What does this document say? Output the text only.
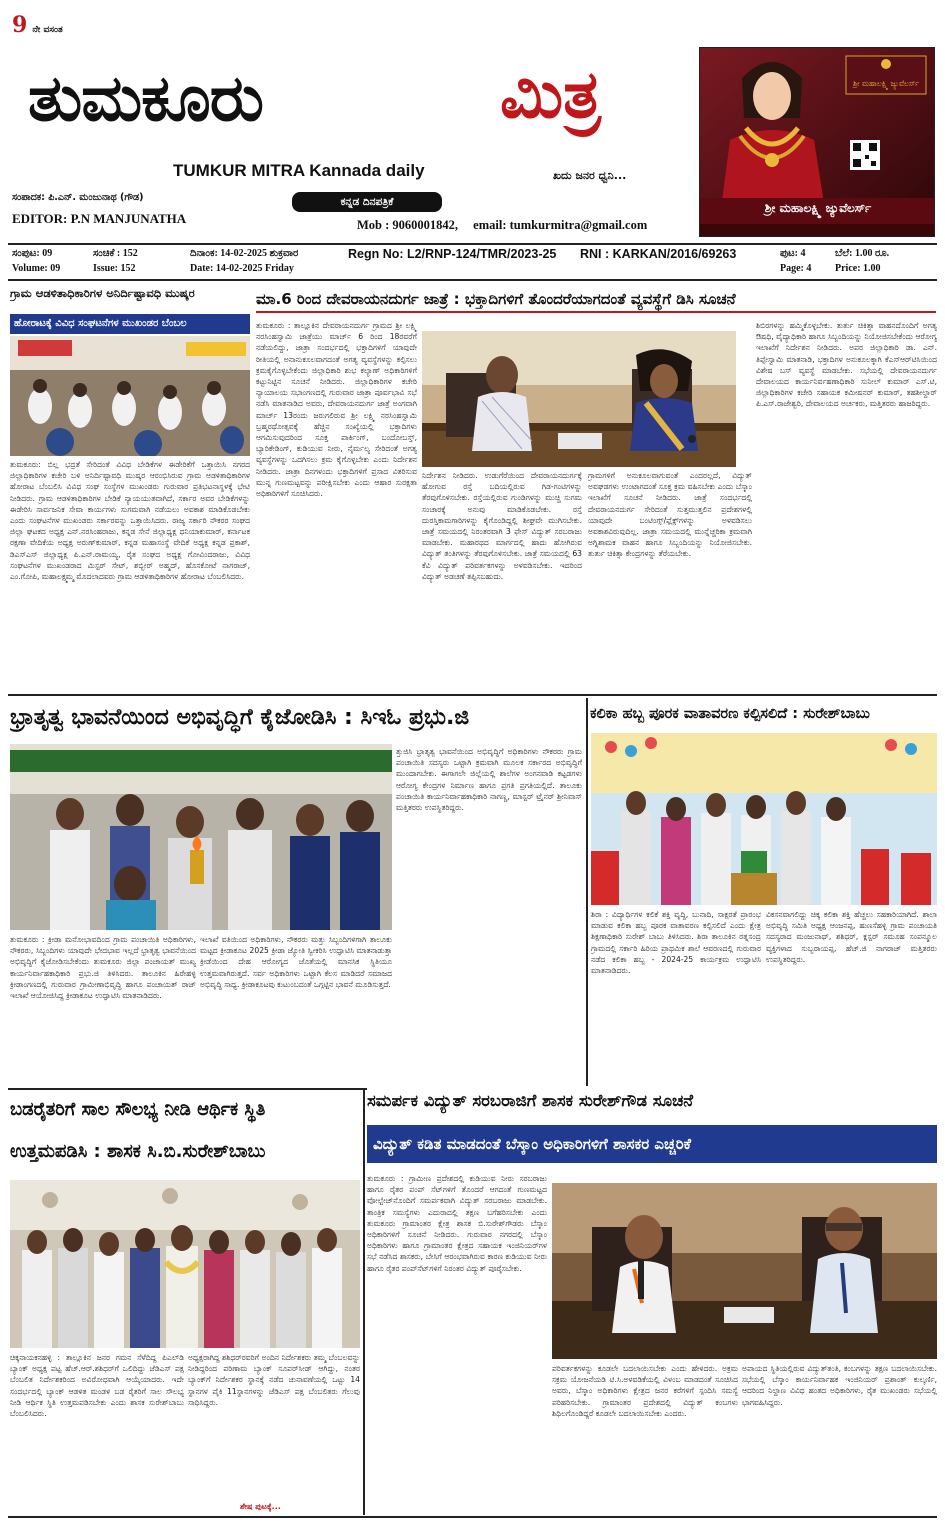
9 ನೇ ವಸಂತ
ತುಮಕೂರು	ಮಿತ್ರ
TUMKUR MITRA Kannada daily	ಖದು ಜನರ ಧ್ವನಿ...
ಸಂಪಾದಕ: ಪಿ.ಎನ್. ಮಂಜುನಾಥ (ಗೌಡ)
EDITOR: P.N MANJUNATHA
ಕನ್ನಡ ದಿನಪತ್ರಿಕೆ
Mob : 9060001842, email: tumkurmitra@gmail.com
ಶ್ರೀ ಮಹಾಲಕ್ಷ್ಮಿ ಜ್ಯುವೆಲರ್ಸ್
ಶ್ರೀ ಮಹಾಲಕ್ಷ್ಮಿ ಜ್ಯುವೆಲರ್ಸ್
ಸಂಪುಟ: 09	ಸಂಚಿಕೆ : 152	ದಿನಾಂಕ: 14-02-2025 ಶುಕ್ರವಾರ	Regn No: L2/RNP-124/TMR/2023-25 RNI : KARKAN/2016/69263	ಪುಟ: 4	ಬೆಲೆ: 1.00 ರೂ.
Volume: 09	Issue: 152	Date: 14-02-2025 Friday	Page: 4 Price: 1.00
ಗ್ರಾಮ ಆಡಳಿತಾಧಿಕಾರಿಗಳ ಅನಿರ್ದಿಷ್ಟಾವಧಿ ಮುಷ್ಕರ
ಹೋರಾಟಕ್ಕೆ ವಿವಿಧ ಸಂಘಟನೆಗಳ ಮುಖಂಡರ ಬೆಂಬಲ
ತುಮಕೂರು: ಬಿಲ್ಲ ಭದ್ರತೆ ಸೇರಿದಂತೆ ವಿವಿಧ ಬೇಡಿಕೆಗಳ ಈಡೇರಿಕೆಗೆ ಒತ್ತಾಯಿಸಿ ನಗರದ ಜಿಲ್ಲಾಧಿಕಾರಿಗಳ ಕಚೇರಿ ಬಳಿ ಅನಿರ್ದಿಷ್ಟಾವಧಿ ಮುಷ್ಕರ ಆರಂಭಿಸಿರುವ ಗ್ರಾಮ ಆಡಳಿತಾಧಿಕಾರಿಗಳ ಹೋರಾಟ ಬೆಂಬಲಿಸಿ ವಿವಿಧ ಸಂಘ ಸಂಸ್ಥೆಗಳ ಮುಖಂಡರು ಗುರುವಾರ ಪ್ರತಿಭಟನಾಸ್ಥಳಕ್ಕೆ ಭೇಟಿ ನೀಡಿದರು. ಗ್ರಾಮ ಆಡಳಿತಾಧಿಕಾರಿಗಳ ಬೇಡಿಕೆ ನ್ಯಾಯಯುತವಾಗಿದೆ, ಸರ್ಕಾರ ಅವರ ಬೇಡಿಕೆಗಳನ್ನು ಈಡೇರಿಸಿ ಸಾರ್ವಜನಿಕ ಸೇವಾ ಕಾರ್ಯಗಳು ಸುಗಮವಾಗಿ ನಡೆಯಲು ಅವಕಾಶ ಮಾಡಿಕೊಡಬೇಕು ಎಂದು ಸಂಘಟನೆಗಳ ಮುಖಂಡರು ಸರ್ಕಾರವನ್ನು ಒತ್ತಾಯಿಸಿದರು. ರಾಜ್ಯ ಸರ್ಕಾರಿ ನೌಕರರ ಸಂಘದ ಜಿಲ್ಲಾ ಘಟಕದ ಅಧ್ಯಕ್ಷ ಎನ್.ನರಸಿಂಹರಾಜು, ಕನ್ನಡ ಸೇನೆ ಜಿಲ್ಲಾಧ್ಯಕ್ಷ ಧನಿಯಾಕುಮಾರ್, ಕರ್ನಾಟಕ ರಕ್ಷಣಾ ವೇದಿಕೆಯ ಅಧ್ಯಕ್ಷ ಅರುಣ್‌ಕುಮಾರ್, ಕನ್ನಡ ಮಹಾಸಂಸ್ಥೆ ವೇದಿಕೆ ಅಧ್ಯಕ್ಷ ಕನ್ನಡ ಪ್ರಕಾಶ್, ಡಿಎಸ್‌ಎಸ್ ಜಿಲ್ಲಾಧ್ಯಕ್ಷ ಪಿ.ಎನ್.ರಾಮಯ್ಯ, ರೈತ ಸಂಘದ ಅಧ್ಯಕ್ಷ ಗೋವಿಂದರಾಜು, ವಿವಿಧ ಸಂಘಟನೆಗಳ ಮುಖಂಡರಾದ ಮಿಸ್ಟರ್ ಸೇಟ್, ಶಬ್ಬೀರ್ ಅಹ್ಮದ್, ಹೊಸಕೋಟೆ ನಾಗರಾಜ್, ಎಂ.ಗೋಪಿ, ಮಹಾಲಕ್ಷ್ಮಮ್ಮ ಮೊದಲಾದವರು ಗ್ರಾಮ ಆಡಳಿತಾಧಿಕಾರಿಗಳ ಹೋರಾಟ ಬೆಂಬಲಿಸಿದರು.
ಮಾ.6 ರಿಂದ ದೇವರಾಯನದುರ್ಗ ಜಾತ್ರೆ : ಭಕ್ತಾದಿಗಳಿಗೆ ತೊಂದರೆಯಾಗದಂತೆ ವ್ಯವಸ್ಥೆಗೆ ಡಿಸಿ ಸೂಚನೆ
ತುಮಕೂರು : ತಾಲ್ಲೂಕಿನ ದೇವರಾಯನದುರ್ಗ ಗ್ರಾಮದ ಶ್ರೀ ಲಕ್ಷ್ಮಿ ನರಸಿಂಹಸ್ವಾಮಿ ಜಾತ್ರೆಯು ಮಾರ್ಚ್ 6 ರಿಂದ 18ರವರೆಗೆ ನಡೆಯಲಿದ್ದು, ಜಾತ್ರಾ ಸಂದರ್ಭದಲ್ಲಿ ಭಕ್ತಾದಿಗಳಿಗೆ ಯಾವುದೇ ರೀತಿಯಲ್ಲಿ ಅನಾನುಕೂಲವಾಗದಂತೆ ಅಗತ್ಯ ವ್ಯವಸ್ಥೆಗಳನ್ನು ಕಲ್ಪಿಸಲು ಕ್ರಮಕೈಗೊಳ್ಳಬೇಕೆಂದು ಜಿಲ್ಲಾಧಿಕಾರಿ ಶುಭ ಕಲ್ಯಾಣ್ ಅಧಿಕಾರಿಗಳಿಗೆ ಕಟ್ಟುನಿಟ್ಟಿನ ಸೂಚನೆ ನೀಡಿದರು. ಜಿಲ್ಲಾಧಿಕಾರಿಗಳ ಕಚೇರಿ ನ್ಯಾಯಾಲಯ ಸಭಾಂಗಣದಲ್ಲಿ ಗುರುವಾರ ಜಾತ್ರಾ ಪೂರ್ವಭಾವಿ ಸಭೆ ನಡೆಸಿ ಮಾತನಾಡಿದ ಅವರು, ದೇವರಾಯನದುರ್ಗ ಜಾತ್ರೆ ಅಂಗವಾಗಿ ಮಾರ್ಚ್ 13ರಂದು ಜರುಗಲಿರುವ ಶ್ರೀ ಲಕ್ಷ್ಮಿ ನರಸಿಂಹಸ್ವಾಮಿ ಬ್ರಹ್ಮರಥೋತ್ಸವಕ್ಕೆ ಹೆಚ್ಚಿನ ಸಂಖ್ಯೆಯಲ್ಲಿ ಭಕ್ತಾದಿಗಳು ಆಗಮಿಸುವುದರಿಂದ ಸೂಕ್ತ ಪಾರ್ಕಿಂಗ್, ಬಂದೋಬಸ್ತ್, ಬ್ಯಾರಿಕೇಡಿಂಗ್, ಕುಡಿಯುವ ನೀರು, ನೈರ್ಮಲ್ಯ ಸೇರಿದಂತೆ ಅಗತ್ಯ ವ್ಯವಸ್ಥೆಗಳನ್ನು ಒದಗಿಸಲು ಕ್ರಮ ಕೈಗೊಳ್ಳಬೇಕು ಎಂದು ನಿರ್ದೇಶನ ನೀಡಿದರು. ಜಾತ್ರಾ ದಿನಗಳಂದು ಭಕ್ತಾದಿಗಳಿಗೆ ಪ್ರಸಾದ ವಿತರಿಸುವ ಮುನ್ನ ಗುಣಮಟ್ಟವನ್ನು ಪರೀಕ್ಷಿಸಬೇಕು ಎಂದು ಆಹಾರ ಸುರಕ್ಷತಾ ಅಧಿಕಾರಿಗಳಿಗೆ ಸೂಚಿಸಿದರು.
ನಿರ್ದೇಶನ ನೀಡಿದರು. ಉಡುಗೆರೆಯಿಂದ ದೇವರಾಯನದುರ್ಗಕ್ಕೆ ಹೋಗುವ ರಸ್ತೆ ಬದಿಯಲ್ಲಿರುವ ಗಿಡ-ಗಂಟಿಗಳನ್ನು ತೆರವುಗೊಳಿಸಬೇಕು. ರಸ್ತೆಯಲ್ಲಿರುವ ಗುಂಡಿಗಳನ್ನು ಮುಚ್ಚಿ ಸುಗಮ ಸಂಚಾರಕ್ಕೆ ಅನುವು ಮಾಡಿಕೊಡಬೇಕು. ರಸ್ತೆ ದುರಸ್ತಿಕಾಮಗಾರಿಗಳನ್ನು ಕೈಗೊಂಡಿದ್ದಲ್ಲಿ ಶೀಘ್ರವೇ ಮುಗಿಸಬೇಕು. ಜಾತ್ರೆ ಸಮಯದಲ್ಲಿ ನಿರಂತರವಾಗಿ 3 ಫೇಸ್ ವಿದ್ಯುತ್ ಸರಬರಾಜು ಮಾಡಬೇಕು. ಮಹಾರಥದ ಮಾರ್ಗದಲ್ಲಿ ಹಾದು ಹೋಗಿರುವ ವಿದ್ಯುತ್ ತಂತಿಗಳನ್ನು ತೆರವುಗೊಳಿಸಬೇಕು. ಜಾತ್ರೆ ಸಮಯದಲ್ಲಿ 63 ಕೆವಿ ವಿದ್ಯುತ್ ಪರಿವರ್ತಕಗಳನ್ನು ಅಳವಡಿಸಬೇಕು. ಇದರಿಂದ ವಿದ್ಯುತ್ ಅಡಚಣೆ ತಪ್ಪಿಸಬಹುದು.
ಗ್ರಾಮಗಳಿಗೆ ಅನುಕೂಲವಾಗುವಂತೆ ಎಂದರಲ್ಲದೆ, ವಿದ್ಯುತ್ ಅವಘಡಗಳು ಉಂಟಾಗದಂತೆ ಸೂಕ್ತ ಕ್ರಮ ವಹಿಸಬೇಕು ಎಂದು ಬೆಸ್ಕಾಂ ಇಲಾಖೆಗೆ ಸೂಚನೆ ನೀಡಿದರು. ಜಾತ್ರೆ ಸಂದರ್ಭದಲ್ಲಿ ದೇವರಾಯನದುರ್ಗ ಸೇರಿದಂತೆ ಸುತ್ತಮುತ್ತಲಿನ ಪ್ರದೇಶಗಳಲ್ಲಿ ಯಾವುದೇ ಬಂಟಿಂಗ್ಸ್/ಫ್ಲೆಕ್ಸ್‌ಗಳನ್ನು ಅಳವಡಿಸಲು ಅವಕಾಶವಿರುವುದಿಲ್ಲ. ಜಾತ್ರಾ ಸಮಯದಲ್ಲಿ ಮುನ್ನೆಚ್ಚರಿಕಾ ಕ್ರಮವಾಗಿ ಅಗ್ನಿಶಾಮಕ ವಾಹನ ಹಾಗೂ ಸಿಬ್ಬಂದಿಯನ್ನು ನಿಯೋಜಿಸಬೇಕು. ತುರ್ತು ಚಿಕಿತ್ಸಾ ಕೇಂದ್ರಗಳನ್ನು ತೆರೆಯಬೇಕು.
ಶಿಬಿರಗಳನ್ನು ಹಮ್ಮಿಕೊಳ್ಳಬೇಕು. ತುರ್ತು ಚಿಕಿತ್ಸಾ ವಾಹನದೊಂದಿಗೆ ಅಗತ್ಯ ಔಷಧಿ, ವೈದ್ಯಾಧಿಕಾರಿ ಹಾಗೂ ಸಿಬ್ಬಂದಿಯನ್ನು ನಿಯೋಜಿಸಬೇಕೆಂದು ಆರೋಗ್ಯ ಇಲಾಖೆಗೆ ನಿರ್ದೇಶನ ನೀಡಿದರು. ಅಪರ ಜಿಲ್ಲಾಧಿಕಾರಿ ಡಾ. ಎನ್. ತಿಪ್ಪೇಸ್ವಾಮಿ ಮಾತನಾಡಿ, ಭಕ್ತಾದಿಗಳ ಅನುಕೂಲಕ್ಕಾಗಿ ಕೆಎಸ್‌ಆರ್‌ಟಿಸಿಯಿಂದ ವಿಶೇಷ ಬಸ್ ವ್ಯವಸ್ಥೆ ಮಾಡಬೇಕು. ಸಭೆಯಲ್ಲಿ ದೇವರಾಯನದುರ್ಗ ದೇವಾಲಯದ ಕಾರ್ಯನಿರ್ವಹಣಾಧಿಕಾರಿ ಸುನೀಲ್ ಕುಮಾರ್ ಎಸ್.ಟಿ, ಜಿಲ್ಲಾಧಿಕಾರಿಗಳ ಕಚೇರಿ ಸಹಾಯಕ ಕಮೀಷನರ್ ಕುಮಾರ್, ತಹಶೀಲ್ದಾರ್ ಪಿ.ಎಸ್.ರಾಜೇಶ್ವರಿ, ದೇವಾಲಯದ ಅರ್ಚಕರು, ಮತ್ತಿತರರು ಹಾಜರಿದ್ದರು.
ಭ್ರಾತೃತ್ವ ಭಾವನೆಯಿಂದ ಅಭಿವೃದ್ಧಿಗೆ ಕೈಜೋಡಿಸಿ : ಸಿಇಓ ಪ್ರಭು.ಜಿ
ತುಮಕೂರು : ಕ್ರೀಡಾ ಮನೋಭಾವದಿಂದ ಗ್ರಾಮ ಪಂಚಾಯಿತಿ ಅಧಿಕಾರಿಗಳು, ನೌಕರರು, ಸಿಬ್ಬಂದಿಗಳು ಯಾವುದೇ ಭೇದಭಾವ ಇಲ್ಲದೆ ಭ್ರಾತೃತ್ವ ಭಾವನೆಯಿಂದ ಅಭಿವೃದ್ಧಿಗೆ ಕೈಜೋಡಿಸಬೇಕೆಂದು ತುಮಕೂರು ಜಿಲ್ಲಾ ಪಂಚಾಯತ್ ಮುಖ್ಯ ಕಾರ್ಯನಿರ್ವಾಹಕಾಧಿಕಾರಿ ಪ್ರಭು.ಜಿ ತಿಳಿಸಿದರು. ತಾಲೂಕಿನ ಹಿರೇಹಳ್ಳಿ ಕ್ರೀಡಾಂಗಣದಲ್ಲಿ ಗುರುವಾರ ಗ್ರಾಮೀಣಾಭಿವೃದ್ಧಿ ಹಾಗೂ ಪಂಚಾಯತ್ ರಾಜ್ ಇಲಾಖೆ ಆಯೋಜಿಸಿದ್ದ ಕ್ರೀಡಾಕೂಟ ಉದ್ಘಾಟಿಸಿ ಮಾತನಾಡಿದರು.
ಇಲಾಖೆ ವತಿಯಿಂದ ಅಧಿಕಾರಿಗಳು, ನೌಕರರು ಮತ್ತು ಸಿಬ್ಬಂದಿಗಳಿಗಾಗಿ ತಾಲೂಕು ಮಟ್ಟದ ಕ್ರೀಡಾಕೂಟ 2025 ಕ್ರೀಡಾ ಜ್ಯೋತಿ ಸ್ವೀಕರಿಸಿ ಉದ್ಘಾಟಿಸಿ ಮಾತನಾಡುತ್ತಾ ಕ್ರೀಡೆಯಿಂದ ದೇಹ ಆರೋಗ್ಯದ ಜೊತೆಯಲ್ಲಿ ಮಾನಸಿಕ ಸ್ಥಿತಿಯೂ ಉತ್ತಮವಾಗಿರುತ್ತದೆ. ಸರ್ವ ಅಧಿಕಾರಿಗಳು ಒಟ್ಟಾಗಿ ಕೆಲಸ ಮಾಡಿದರೆ ಸಮಾಜದ ಅಭಿವೃದ್ಧಿ ಸಾಧ್ಯ. ಕ್ರೀಡಾಕೂಟವು ಕುಟುಂಬದಂತೆ ಒಗ್ಗಟ್ಟಿನ ಭಾವನೆ ಮೂಡಿಸುತ್ತದೆ.
ತ್ತುಜಿಸಿ ಭ್ರಾತೃತ್ವ ಭಾವನೆಯಿಂದ ಅಭಿವೃದ್ಧಿಗೆ ಅಧಿಕಾರಿಗಳು ನೌಕರರು ಗ್ರಾಮ ಪಂಚಾಯಿತಿ ಸದಸ್ಯರು ಒಟ್ಟಾಗಿ ಕ್ರಮವಾಗಿ ಮೂಲಕ ಸರ್ಕಾರದ ಅಭಿವೃದ್ಧಿಗೆ ಮುಂದಾಗಬೇಕು. ಈಗಾಗಲೇ ಜಿಲ್ಲೆಯಲ್ಲಿ ಶಾಲೆಗಳ ಅಂಗನವಾಡಿ ಕಟ್ಟಡಗಳು ಆರೋಗ್ಯ ಕೇಂದ್ರಗಳ ನಿರ್ಮಾಣ ಹಾಗೂ ಪ್ರಗತಿ ಪ್ರಗತಿಯಲ್ಲಿದೆ. ತಾಲೂಕು ಪಂಚಾಯಿತಿ ಕಾರ್ಯನಿರ್ವಾಹಕಾಧಿಕಾರಿ ನಾಗಣ್ಣ, ಮಾಸ್ಟರ್ ಟ್ರೈನರ್ ಶ್ರೀನಿವಾಸ್ ಮತ್ತಿತರರು ಉಪಸ್ಥಿತರಿದ್ದರು.
ಕಲಿಕಾ ಹಬ್ಬ ಪೂರಕ ವಾತಾವರಣ ಕಲ್ಪಿಸಲಿದೆ : ಸುರೇಶ್‌ಬಾಬು
ಶಿರಾ : ವಿದ್ಯಾರ್ಥಿಗಳ ಕಲಿಕೆ ಶಕ್ತಿ ವೃದ್ಧಿ, ಬುನಾದಿ, ಸಾಕ್ಷರತೆ ಪ್ರಾರಂಭ ಮಾಡುವ ಕಲಿಕಾ ಹಬ್ಬ ಪೂರಕ ವಾತಾವರಣ ಕಲ್ಪಿಸಲಿದೆ ಎಂದು ಕ್ಷೇತ್ರ ಶಿಕ್ಷಣಾಧಿಕಾರಿ ಸುರೇಶ್ ಬಾಬು ತಿಳಿಸಿದರು. ಶಿರಾ ತಾಲೂಕಿನ ರತ್ನಸಂದ್ರ ಗ್ರಾಮದಲ್ಲಿ ಸರ್ಕಾರಿ ಹಿರಿಯ ಪ್ರಾಥಮಿಕ ಶಾಲೆ ಆವರಣದಲ್ಲಿ ಗುರುವಾರ ನಡೆದ ಕಲಿಕಾ ಹಬ್ಬ - 2024-25 ಕಾರ್ಯಕ್ರಮ ಉದ್ಘಾಟಿಸಿ ಮಾತನಾಡಿದರು.
ವಿಕಸನವಾಗಲಿದ್ದು ಚಿಕ್ಕ ಕಲಿಕಾ ಶಕ್ತಿ ಹೆಚ್ಚಲು ಸಹಕಾರಿಯಾಗಿದೆ. ಶಾಲಾ ಅಭಿವೃದ್ಧಿ ಸಮಿತಿ ಅಧ್ಯಕ್ಷ ಆಂಜನಪ್ಪ, ಹುಣಸೆಹಳ್ಳಿ ಗ್ರಾಮ ಪಂಚಾಯತಿ ಸದಸ್ಯರಾದ ಮಂಜುನಾಥ್, ಶಶಿಧರ್, ಕ್ಲಸ್ಟರ್ ಸಮೂಹ ಸಂಪನ್ಮೂಲ ವ್ಯಕ್ತಿಗಳಾದ ಸುಬ್ಬರಾಯಪ್ಪ, ಹೆಚ್.ಜಿ ನಾಗರಾಜ್ ಮತ್ತಿತರರು ಉಪಸ್ಥಿತರಿದ್ದರು.
ಬಡರೈತರಿಗೆ ಸಾಲ ಸೌಲಭ್ಯ ನೀಡಿ ಆರ್ಥಿಕ ಸ್ಥಿತಿ
ಉತ್ತಮಪಡಿಸಿ : ಶಾಸಕ ಸಿ.ಬಿ.ಸುರೇಶ್‌ಬಾಬು
ಚಿಕ್ಕನಾಯಕನಹಳ್ಳಿ : ತಾಲ್ಲೂಕಿನ ಜನರ ಗಮನ ಸೆಳೆದಿದ್ದ ಪಿಎಲ್‌ಡಿ ಬ್ಯಾಂಕ್ ಅಧ್ಯಕ್ಷ ಪಟ್ಟ ಹೆಚ್.ಆರ್.ಶಶಿಧರ್‌ಗೆ ಒಲಿದಿದ್ದು ಜೆಡಿಎಸ್ ಪಕ್ಷ ಬೆಂಬಲಿತ ನಿರ್ದೇಶಕರಿಂದ ಅವಿರೋಧವಾಗಿ ಆಯ್ಕೆಯಾದರು. ಇದೇ ಸಂದರ್ಭದಲ್ಲಿ ಬ್ಯಾಂಕ್ ಆಡಳಿತ ಮಂಡಳಿ ಬಡ ರೈತರಿಗೆ ಸಾಲ ಸೌಲಭ್ಯ ನೀಡಿ ಆರ್ಥಿಕ ಸ್ಥಿತಿ ಉತ್ತಮಪಡಿಸಬೇಕು ಎಂದು ಶಾಸಕ ಸುರೇಶ್‌ಬಾಬು ಬೆಂಬಲಿಸಿದರು.
ಅಧ್ಯಕ್ಷರಾಗಿದ್ದ ಶಶಿಧರ್‌ರವರಿಗೆ ಅಂದಿನ ನಿರ್ದೇಶಕರು ತಮ್ಮ ಬೆಂಬಲವನ್ನು ನೀಡಿದ್ದರಿಂದ ಪರಿಣಾಮ ಬ್ಯಾಂಕ್ ಸೂಪರ್‌ಸೀಡ್ ಆಗಿದ್ದು, ನಂತರ ಬ್ಯಾಂಕ್‌ಗೆ ನಿರ್ದೇಶಕರ ಸ್ಥಾನಕ್ಕೆ ನಡೆದ ಚುನಾವಣೆಯಲ್ಲಿ ಒಟ್ಟು 14 ಸ್ಥಾನಗಳ ಪೈಕಿ 11ಸ್ಥಾನಗಳನ್ನು ಜೆಡಿಎಸ್ ಪಕ್ಷ ಬೆಂಬಲಿತರು ಗೆಲುವು ಸಾಧಿಸಿದ್ದರು.
ಶೇಷ ಪುಟಕ್ಕೆ...
ಸಮರ್ಪಕ ವಿದ್ಯುತ್ ಸರಬರಾಜಿಗೆ ಶಾಸಕ ಸುರೇಶ್‌ಗೌಡ ಸೂಚನೆ
ವಿದ್ಯುತ್ ಕಡಿತ ಮಾಡದಂತೆ ಬೆಸ್ಕಾಂ ಅಧಿಕಾರಿಗಳಿಗೆ ಶಾಸಕರ ಎಚ್ಚರಿಕೆ
ತುಮಕೂರು : ಗ್ರಾಮೀಣ ಪ್ರದೇಶದಲ್ಲಿ ಕುಡಿಯುವ ನೀರು ಸರಬರಾಜು ಹಾಗೂ ರೈತರ ಪಂಪ್ ಸೆಟ್‌ಗಳಿಗೆ ತೊಂದರೆ ಆಗದಂತೆ ಗುಣಮಟ್ಟದ ವೋಲ್ಟೇಜ್‌ನೊಂದಿಗೆ ಸಮರ್ಪಕವಾಗಿ ವಿದ್ಯುತ್ ಸರಬರಾಜು ಮಾಡಬೇಕು. ತಾಂತ್ರಿಕ ಸಮಸ್ಯೆಗಳು ಎದುರಾದಲ್ಲಿ ತಕ್ಷಣ ಬಗೆಹರಿಸಬೇಕು ಎಂದು ತುಮಕೂರು ಗ್ರಾಮಾಂತರ ಕ್ಷೇತ್ರ ಶಾಸಕ ಬಿ.ಸುರೇಶ್‌ಗೌಡರು ಬೆಸ್ಕಾಂ ಅಧಿಕಾರಿಗಳಿಗೆ ಸೂಚನೆ ನೀಡಿದರು. ಗುರುವಾರ ನಗರದಲ್ಲಿ ಬೆಸ್ಕಾಂ ಅಧಿಕಾರಿಗಳು ಹಾಗೂ ಗ್ರಾಮಾಂತರ ಕ್ಷೇತ್ರದ ಸಹಾಯಕ ಇಂಜಿನಿಯರ್‌ಗಳ ಸಭೆ ನಡೆಸಿದ ಶಾಸಕರು, ಬೇಸಿಗೆ ಆರಂಭವಾಗಿರುವ ಕಾರಣ ಕುಡಿಯುವ ನೀರು ಹಾಗೂ ರೈತರ ಪಂಪ್‌ಸೆಟ್‌ಗಳಿಗೆ ನಿರಂತರ ವಿದ್ಯುತ್ ಪೂರೈಸಬೇಕು.
ಪರಿವರ್ತಕಗಳನ್ನು ಕೂಡಲೇ ಬದಲಾಯಿಸಬೇಕು ಎಂದು ಹೇಳಿದರು. ಅಕ್ರಮ ಸಕ್ರಮ ಯೋಜನೆಯಡಿ ಟಿ.ಸಿ.ಅಳವಡಿಕೆಯಲ್ಲಿ ವಿಳಂಬ ಮಾಡದಂತೆ ಸೂಚಿಸಿದ ಅವರು, ಬೆಸ್ಕಾಂ ಅಧಿಕಾರಿಗಳು ಕ್ಷೇತ್ರದ ಜನರ ಕರೆಗಳಿಗೆ ಸ್ಪಂದಿಸಿ ಸಮಸ್ಯೆ ಪರಿಹರಿಸಬೇಕು. ಗ್ರಾಮಾಂತರ ಪ್ರದೇಶದಲ್ಲಿ ವಿದ್ಯುತ್ ಕಂಬಗಳು ಶಿಥಿಲಗೊಂಡಿದ್ದರೆ ಕೂಡಲೇ ಬದಲಾಯಿಸಬೇಕು ಎಂದರು.
ಅಪಾಯದ ಸ್ಥಿತಿಯಲ್ಲಿರುವ ವಿದ್ಯುತ್‌ತಂತಿ, ಕಂಬಗಳನ್ನು ತಕ್ಷಣ ಬದಲಾಯಿಸಬೇಕು. ಸಭೆಯಲ್ಲಿ ಬೆಸ್ಕಾಂ ಕಾರ್ಯನಿರ್ವಾಹಕ ಇಂಜಿನಿಯರ್ ಪ್ರಶಾಂತ್ ಕುಲ್ಕರ್ಣಿ, ಆದರಿಂದ ನಿಲ್ದಾಣ ವಿವಿಧ ಹಂತದ ಅಧಿಕಾರಿಗಳು, ರೈತ ಮುಖಂಡರು ಸಭೆಯಲ್ಲಿ ಭಾಗವಹಿಸಿದ್ದರು.
